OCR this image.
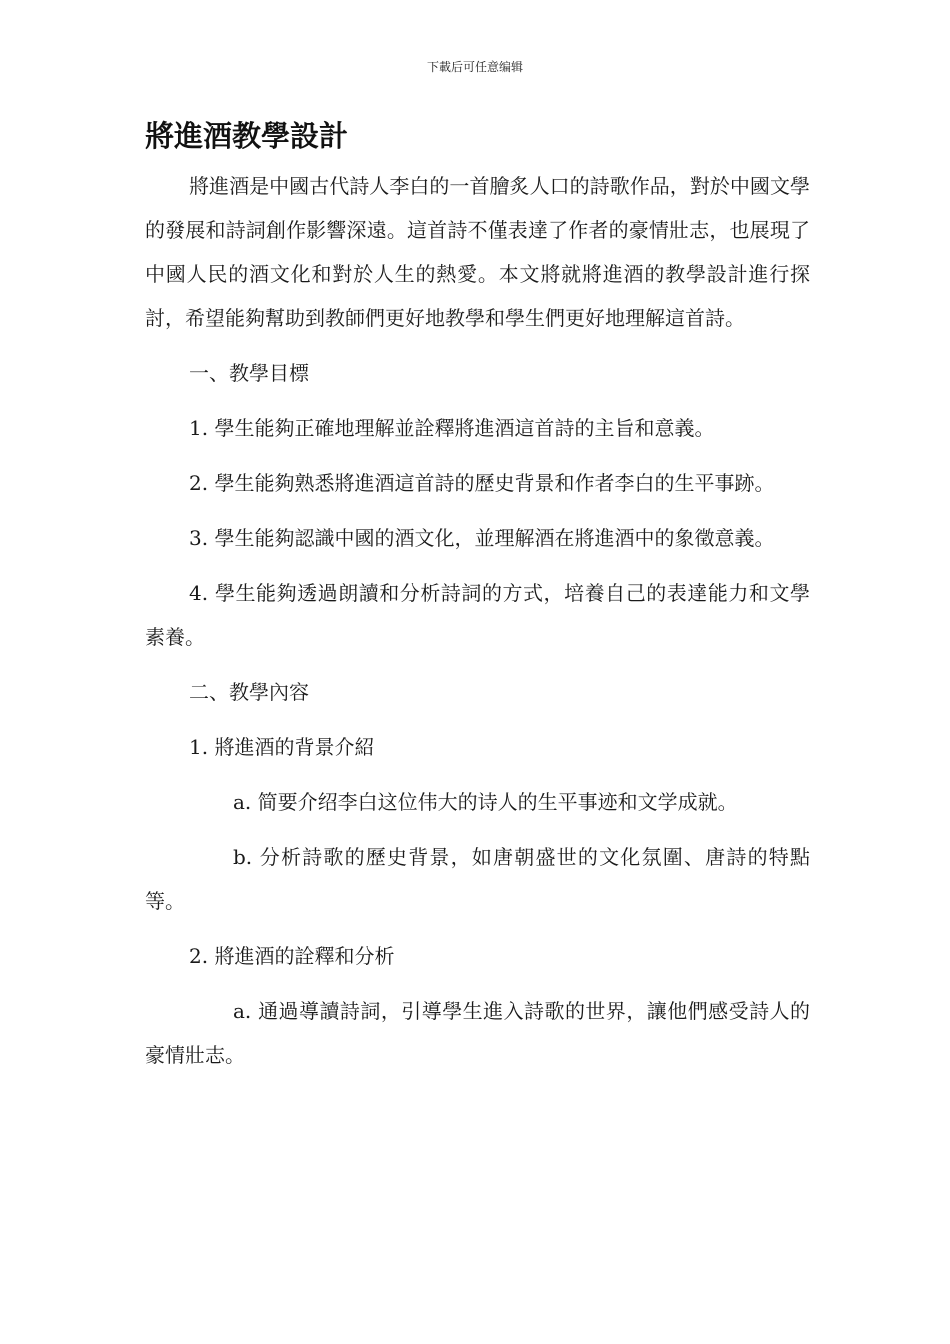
下載后可任意编辑
將進酒教學設計

將進酒是中國古代詩人李白的一首膾炙人口的詩歌作品，對於中國文學的發展和詩詞創作影響深遠。這首詩不僅表達了作者的豪情壯志，也展現了中國人民的酒文化和對於人生的熱愛。本文將就將進酒的教學設計進行探討，希望能夠幫助到教師們更好地教學和學生們更好地理解這首詩。

一、教學目標

1. 學生能夠正確地理解並詮釋將進酒這首詩的主旨和意義。

2. 學生能夠熟悉將進酒這首詩的歷史背景和作者李白的生平事跡。

3. 學生能夠認識中國的酒文化，並理解酒在將進酒中的象徵意義。

4. 學生能夠透過朗讀和分析詩詞的方式，培養自己的表達能力和文學素養。

二、教學內容

1. 將進酒的背景介紹

a. 简要介绍李白这位伟大的诗人的生平事迹和文学成就。

b. 分析詩歌的歷史背景，如唐朝盛世的文化氛圍、唐詩的特點等。

2. 將進酒的詮釋和分析

a. 通過導讀詩詞，引導學生進入詩歌的世界，讓他們感受詩人的豪情壯志。
